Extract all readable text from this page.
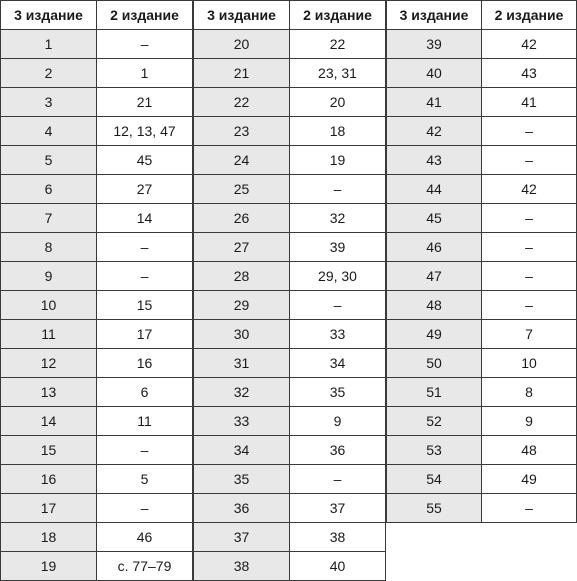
3 издание	2 издание
1	–
2	1
3	21
4	12, 13, 47
5	45
6	27
7	14
8	–
9	–
10	15
11	17
12	16
13	6
14	11
15	–
16	5
17	–
18	46
19	с. 77–79
3 издание	2 издание
20	22
21	23, 31
22	20
23	18
24	19
25	–
26	32
27	39
28	29, 30
29	–
30	33
31	34
32	35
33	9
34	36
35	–
36	37
37	38
38	40
3 издание	2 издание
39	42
40	43
41	41
42	–
43	–
44	42
45	–
46	–
47	–
48	–
49	7
50	10
51	8
52	9
53	48
54	49
55	–
